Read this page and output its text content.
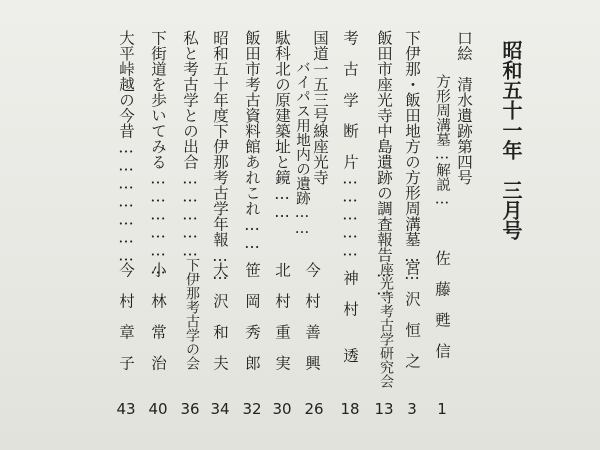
昭和五十一年　三月号
口絵　清水遺跡第四号
方形周溝墓…解説…
佐　藤　甦　信
1
下伊那・飯田地方の方形周溝墓……
宮　沢　恒　之
3
飯田市座光寺中島遺跡の調査報告……
座光寺考古学研究会
13
考　古　学　断　片……………
神　村　　透
18
国道一五三号線座光寺
バイパス用地内の遺跡……
今　村　善　興
26
駄科北の原建築址と鏡……
北　村　重　実
30
飯田市考古資料館あれこれ……
笹　岡　秀　郎
32
昭和五十年度下伊那考古学年報……
大　沢　和　夫
34
私と考古学との出合……………
下伊那考古学の会
36
下街道を歩いてみる………………
小　林　常　治
40
大平峠越の今昔…………………
今　村　章　子
43
